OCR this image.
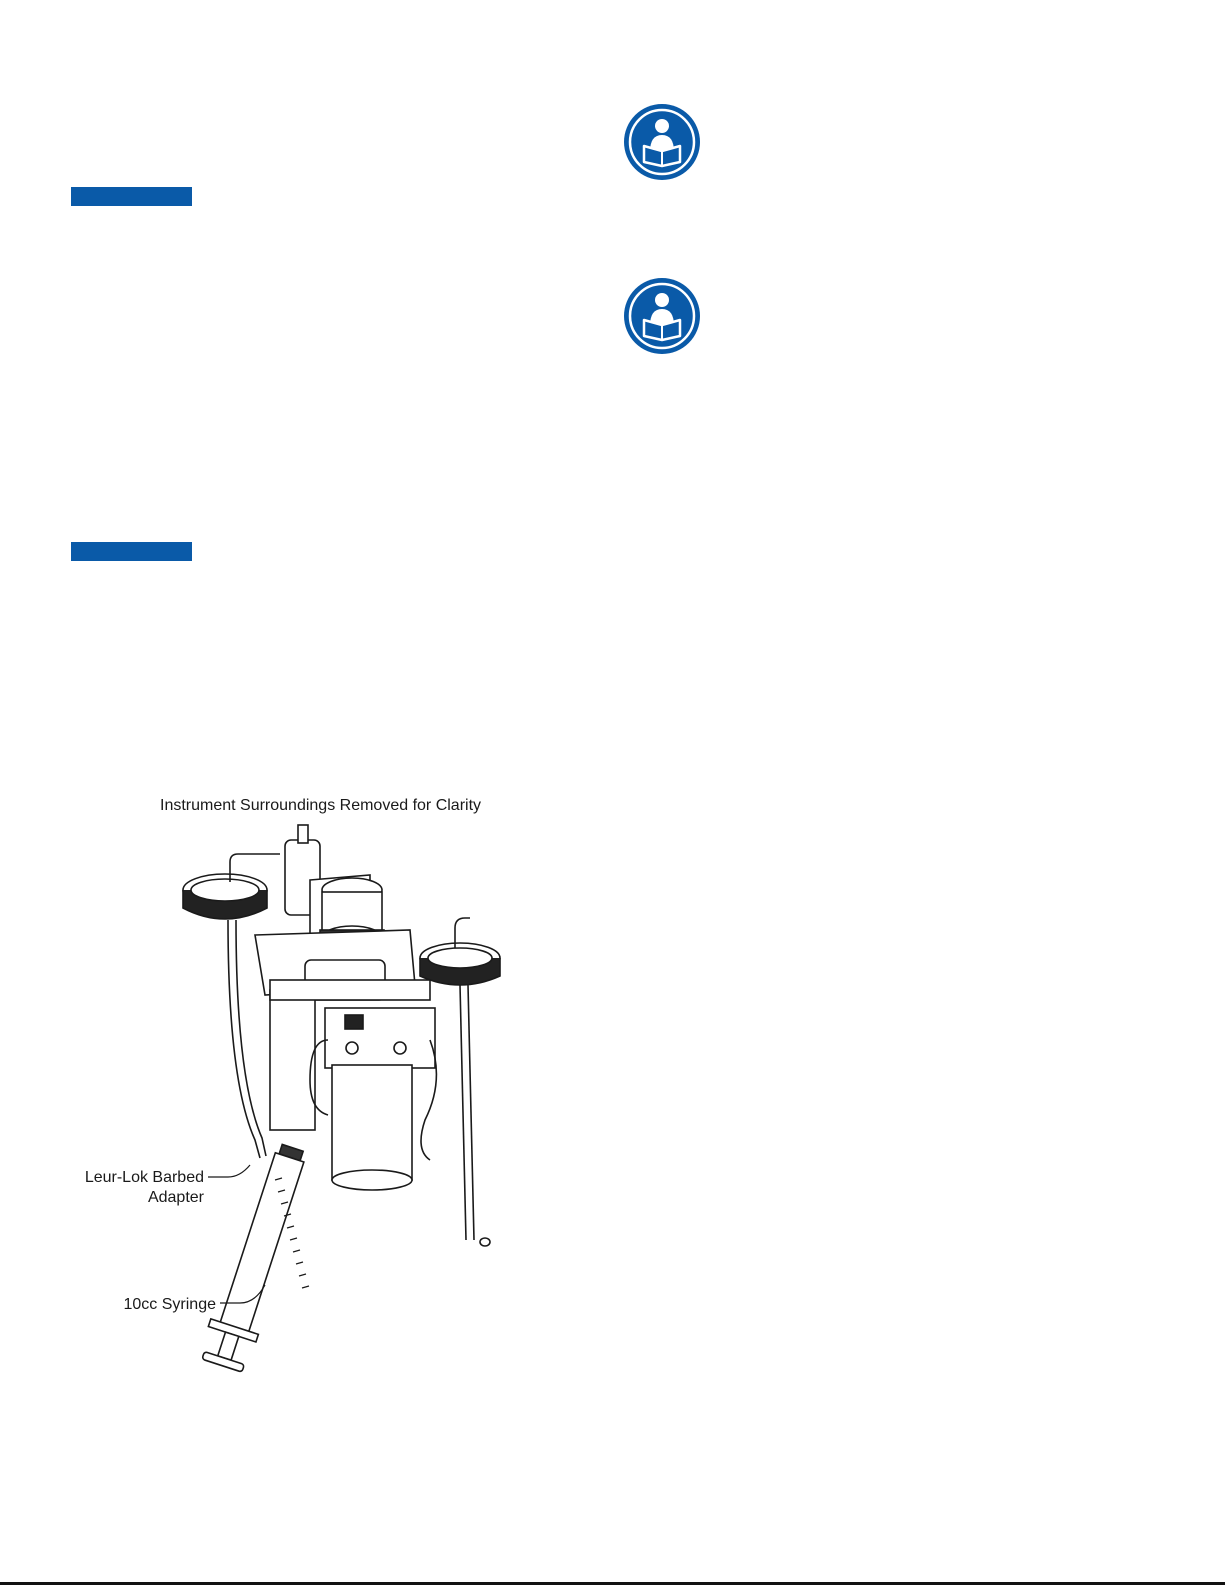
Instrument Surroundings Removed for Clarity
Leur-Lok Barbed
Adapter
10cc Syringe
